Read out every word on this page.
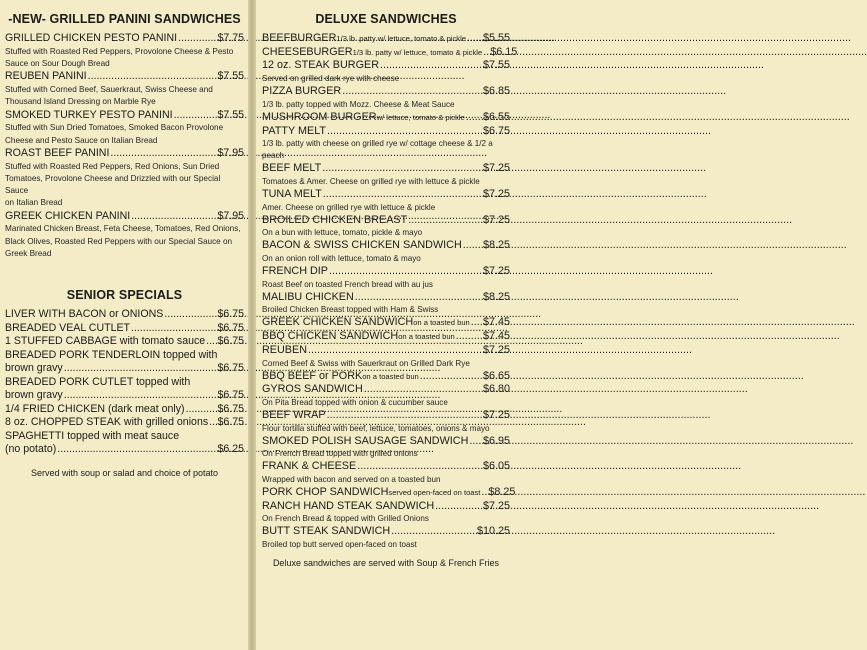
-NEW- GRILLED PANINI SANDWICHES
GRILLED CHICKEN PESTO PANINI .....	$7.75
Stuffed with Roasted Red Peppers, Provolone Cheese & Pesto
Sauce on Sour Dough Bread
REUBEN PANINI .....	$7.55
Stuffed with Corned Beef, Sauerkraut, Swiss Cheese and
Thousand Island Dressing on Marble Rye
SMOKED TURKEY PESTO PANINI .....	$7.55
Stuffed with Sun Dried Tomatoes, Smoked Bacon Provolone
Cheese and Pesto Sauce on Italian Bread
ROAST BEEF PANINI .....	$7.95
Stuffed with Roasted Red Peppers, Red Onions, Sun Dried
Tomatoes, Provolone Cheese and Drizzled with our Special Sauce
on Italian Bread
GREEK CHICKEN PANINI .....	$7.95
Marinated Chicken Breast, Feta Cheese, Tomatoes, Red Onions,
Black Olives, Roasted Red Peppers with our Special Sauce on
Greek Bread
SENIOR SPECIALS
LIVER WITH BACON or ONIONS .....	$6.75
BREADED VEAL CUTLET .....	$6.75
1 STUFFED CABBAGE with tomato sauce ..... $6.75
BREADED PORK TENDERLOIN topped with
brown gravy .....	$6.75
BREADED PORK CUTLET topped with
brown gravy .....	$6.75
1/4 FRIED CHICKEN (dark meat only) .....	$6.75
8 oz. CHOPPED STEAK with grilled onions ..... $6.75
SPAGHETTI topped with meat sauce
(no potato) .....	$6.25
Served with soup or salad and choice of potato
DELUXE SANDWICHES
BEEFBURGER 1/3 lb. patty w/ lettuce, tomato & pickle ..... $5.55
CHEESEBURGER 1/3 lb. patty w/ lettuce, tomato & pickle ..... $6.15
12 oz. STEAK BURGER .....	$7.55
Served on grilled dark rye with cheese
PIZZA BURGER .....	$6.85
1/3 lb. patty topped with Mozz. Cheese & Meat Sauce
MUSHROOM BURGER w/ lettuce, tomato & pickle ..... $6.55
PATTY MELT .....	$6.75
1/3 lb. patty with cheese on grilled rye w/ cottage cheese & 1/2 a peach
BEEF MELT .....	$7.25
Tomatoes & Amer. Cheese on grilled rye with lettuce & pickle
TUNA MELT .....	$7.25
Amer. Cheese on grilled rye with lettuce & pickle
BROILED CHICKEN BREAST .....	$7.25
On a bun with lettuce, tomato, pickle & mayo
BACON & SWISS CHICKEN SANDWICH ..... $8.25
On an onion roll with lettuce, tomato & mayo
FRENCH DIP .....	$7.25
Roast Beef on toasted French bread with au jus
MALIBU CHICKEN .....	$8.25
Broiled Chicken Breast topped with Ham & Swiss
GREEK CHICKEN SANDWICH on a toasted bun ..... $7.45
BBQ CHICKEN SANDWICH on a toasted bun .....	$7.45
REUBEN .....	$7.25
Corned Beef & Swiss with Sauerkraut on Grilled Dark Rye
BBQ BEEF or PORK on a toasted bun .....	$6.65
GYROS SANDWICH .....	$6.80
On Pita Bread topped with onion & cucumber sauce
BEEF WRAP .....	$7.25
Flour tortilla stuffed with beef, lettuce, tomatoes, onions & mayo
SMOKED POLISH SAUSAGE SANDWICH ..... $6.95
On French Bread topped with grilled onions
FRANK & CHEESE .....	$6.05
Wrapped with bacon and served on a toasted bun
PORK CHOP SANDWICH served open-faced on toast ..... $8.25
RANCH HAND STEAK SANDWICH .....	$7.25
On French Bread & topped with Grilled Onions
BUTT STEAK SANDWICH .....	$10.25
Broiled top butt served open-faced on toast
Deluxe sandwiches are served with Soup & French Fries
